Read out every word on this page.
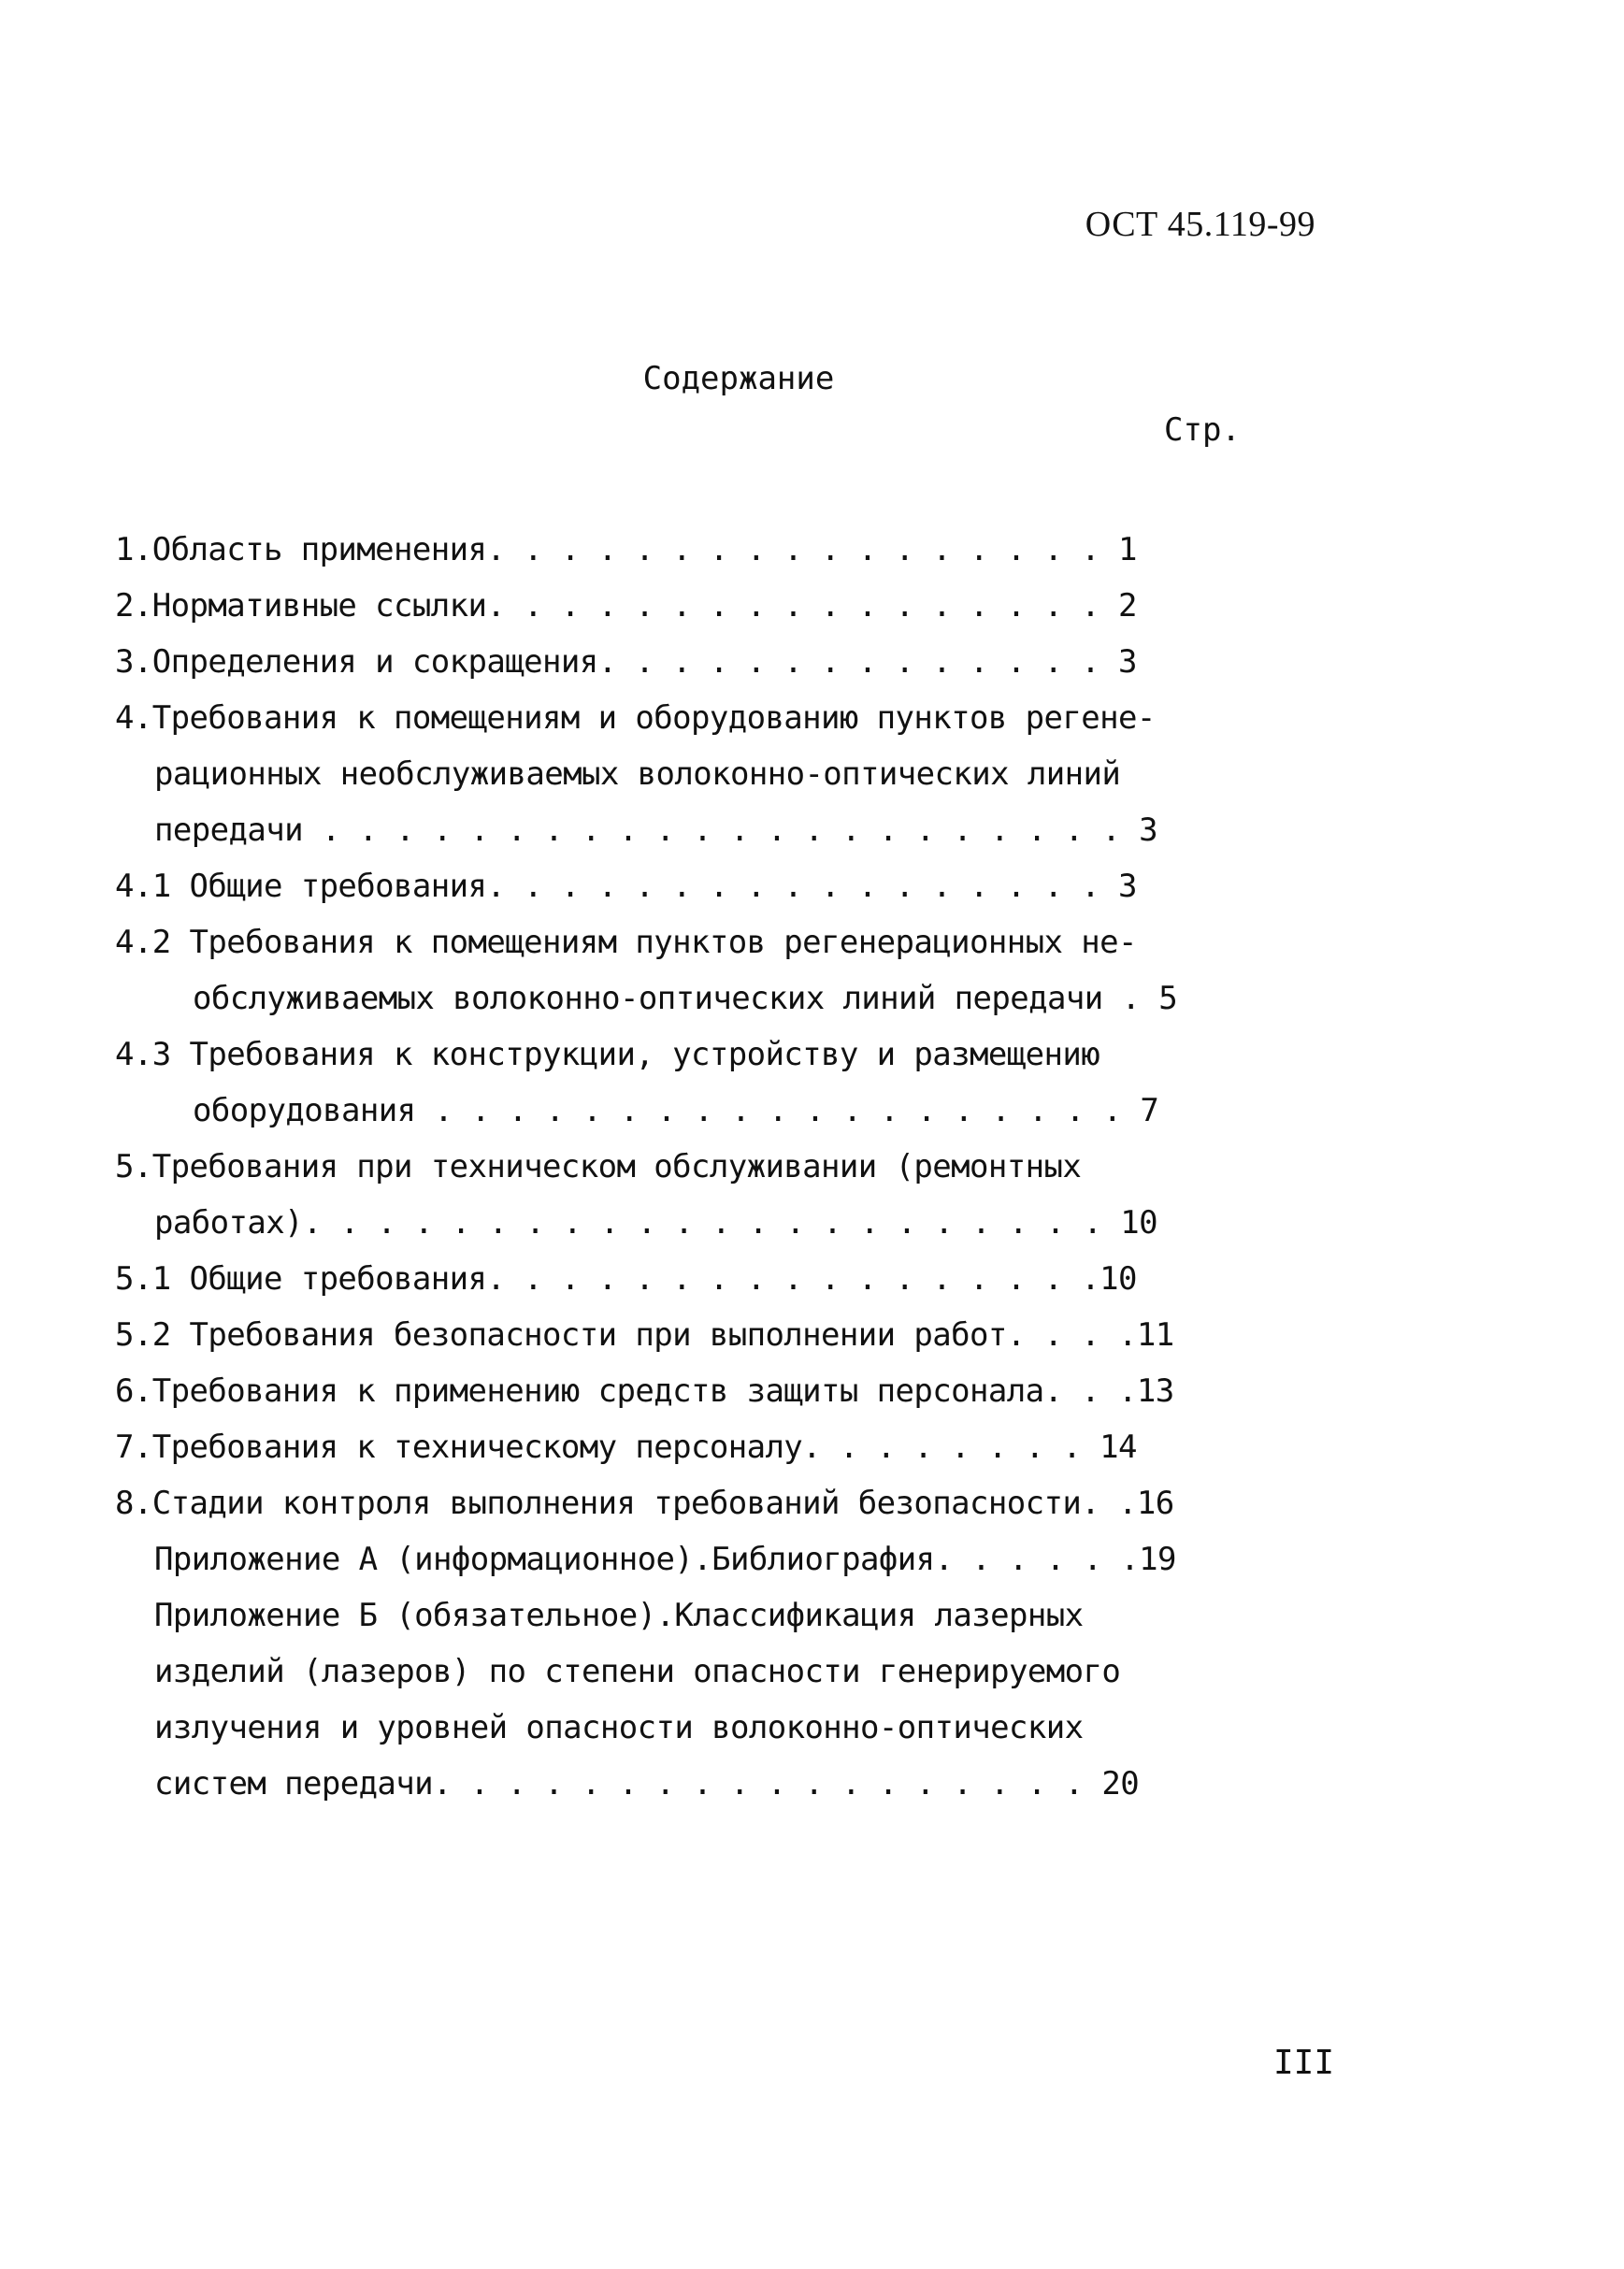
ОСТ 45.119-99
Содержание
Стр.
1.Область применения. . . . . . . . . . . . . . . . . 1
2.Нормативные ссылки. . . . . . . . . . . . . . . . . 2
3.Определения и сокращения. . . . . . . . . . . . . . 3
4.Требования к помещениям и оборудованию пунктов регене-
рационных необслуживаемых волоконно-оптических линий
передачи . . . . . . . . . . . . . . . . . . . . . . 3
4.1 Общие требования. . . . . . . . . . . . . . . . . 3
4.2 Требования к помещениям пунктов регенерационных не-
обслуживаемых волоконно-оптических линий передачи . 5
4.3 Требования к конструкции, устройству и размещению
оборудования . . . . . . . . . . . . . . . . . . . 7
5.Требования при техническом обслуживании (ремонтных
работах). . . . . . . . . . . . . . . . . . . . . . 10
5.1 Общие требования. . . . . . . . . . . . . . . . .10
5.2 Требования безопасности при выполнении работ. . . .11
6.Требования к применению средств защиты персонала. . .13
7.Требования к техническому персоналу. . . . . . . . 14
8.Стадии контроля выполнения требований безопасности. .16
Приложение А (информационное).Библиография. . . . . .19
Приложение Б (обязательное).Классификация лазерных
изделий (лазеров) по степени опасности генерируемого
излучения и уровней опасности волоконно-оптических
систем передачи. . . . . . . . . . . . . . . . . . 20
III
